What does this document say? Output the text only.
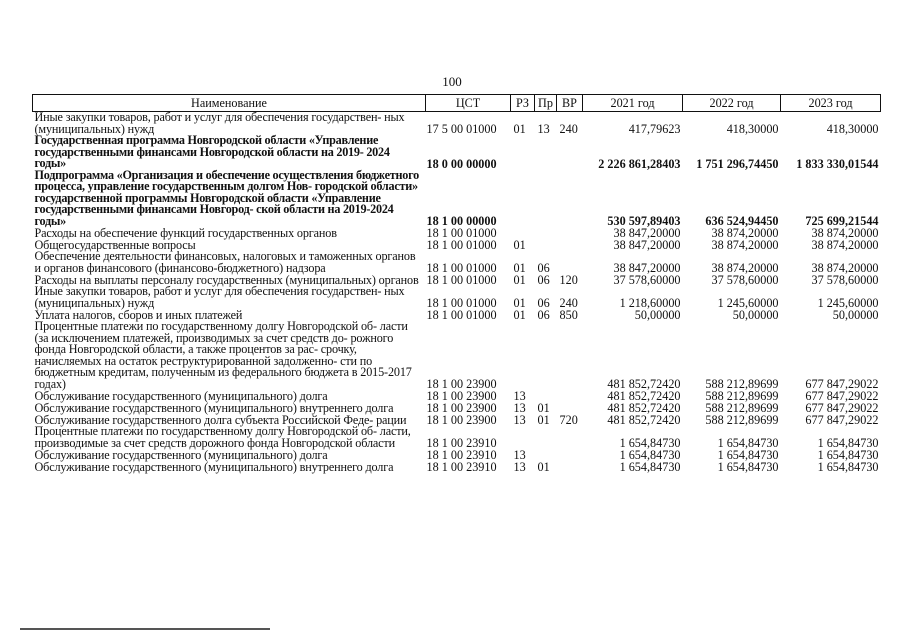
100
Наименование	ЦСТ	РЗ	Пр	ВР	2021 год	2022 год	2023 год
Иные закупки товаров, работ и услуг для обеспечения государствен- ных (муниципальных) нужд	17 5 00 01000	01	13	240	417,79623	418,30000	418,30000
Государственная программа Новгородской области «Управление государственными финансами Новгородской области на 2019- 2024 годы»	18 0 00 00000				2 226 861,28403	1 751 296,74450	1 833 330,01544
Подпрограмма «Организация и обеспечение осуществления бюджетного процесса, управление государственным долгом Нов- городской области» государственной программы Новгородской области «Управление государственными финансами Новгород- ской области на 2019-2024 годы»	18 1 00 00000				530 597,89403	636 524,94450	725 699,21544
Расходы на обеспечение функций государственных органов	18 1 00 01000				38 847,20000	38 874,20000	38 874,20000
Общегосударственные вопросы	18 1 00 01000	01			38 847,20000	38 874,20000	38 874,20000
Обеспечение деятельности финансовых, налоговых и таможенных органов и органов финансового (финансово-бюджетного) надзора	18 1 00 01000	01	06		38 847,20000	38 874,20000	38 874,20000
Расходы на выплаты персоналу государственных (муниципальных) органов	18 1 00 01000	01	06	120	37 578,60000	37 578,60000	37 578,60000
Иные закупки товаров, работ и услуг для обеспечения государствен- ных (муниципальных) нужд	18 1 00 01000	01	06	240	1 218,60000	1 245,60000	1 245,60000
Уплата налогов, сборов и иных платежей	18 1 00 01000	01	06	850	50,00000	50,00000	50,00000
Процентные платежи по государственному долгу Новгородской об- ласти (за исключением платежей, производимых за счет средств до- рожного фонда Новгородской области, а также процентов за рас- срочку, начисляемых на остаток реструктурированной задолженно- сти по бюджетным кредитам, полученным из федерального бюджета в 2015-2017 годах)	18 1 00 23900				481 852,72420	588 212,89699	677 847,29022
Обслуживание государственного (муниципального) долга	18 1 00 23900	13			481 852,72420	588 212,89699	677 847,29022
Обслуживание государственного (муниципального) внутреннего долга	18 1 00 23900	13	01		481 852,72420	588 212,89699	677 847,29022
Обслуживание государственного долга субъекта Российской Феде- рации	18 1 00 23900	13	01	720	481 852,72420	588 212,89699	677 847,29022
Процентные платежи по государственному долгу Новгородской об- ласти, производимые за счет средств дорожного фонда Новгородской области	18 1 00 23910				1 654,84730	1 654,84730	1 654,84730
Обслуживание государственного (муниципального) долга	18 1 00 23910	13			1 654,84730	1 654,84730	1 654,84730
Обслуживание государственного (муниципального) внутреннего долга	18 1 00 23910	13	01		1 654,84730	1 654,84730	1 654,84730
